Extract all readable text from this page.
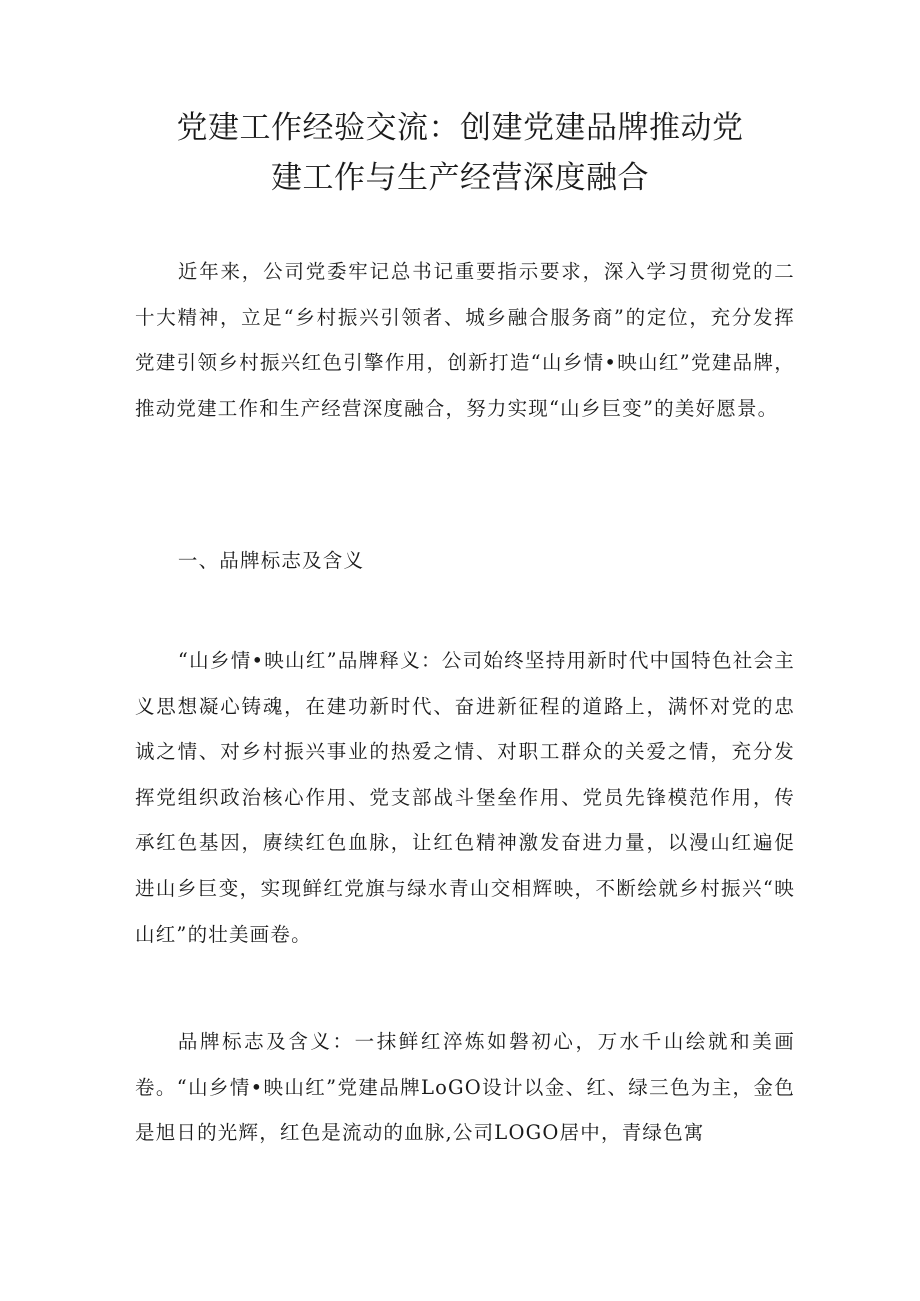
党建工作经验交流：创建党建品牌推动党
建工作与生产经营深度融合

近年来，公司党委牢记总书记重要指示要求，深入学习贯彻党的二十大精神，立足“乡村振兴引领者、城乡融合服务商”的定位，充分发挥党建引领乡村振兴红色引擎作用，创新打造“山乡情•映山红”党建品牌，推动党建工作和生产经营深度融合，努力实现“山乡巨变”的美好愿景。

一、品牌标志及含义

“山乡情•映山红”品牌释义：公司始终坚持用新时代中国特色社会主义思想凝心铸魂，在建功新时代、奋进新征程的道路上，满怀对党的忠诚之情、对乡村振兴事业的热爱之情、对职工群众的关爱之情，充分发挥党组织政治核心作用、党支部战斗堡垒作用、党员先锋模范作用，传承红色基因，赓续红色血脉，让红色精神激发奋进力量，以漫山红遍促进山乡巨变，实现鲜红党旗与绿水青山交相辉映，不断绘就乡村振兴“映山红”的壮美画卷。

品牌标志及含义：一抹鲜红淬炼如磐初心，万水千山绘就和美画卷。“山乡情•映山红”党建品牌LoGO设计以金、红、绿三色为主，金色是旭日的光辉，红色是流动的血脉,公司LOGO居中，青绿色寓
